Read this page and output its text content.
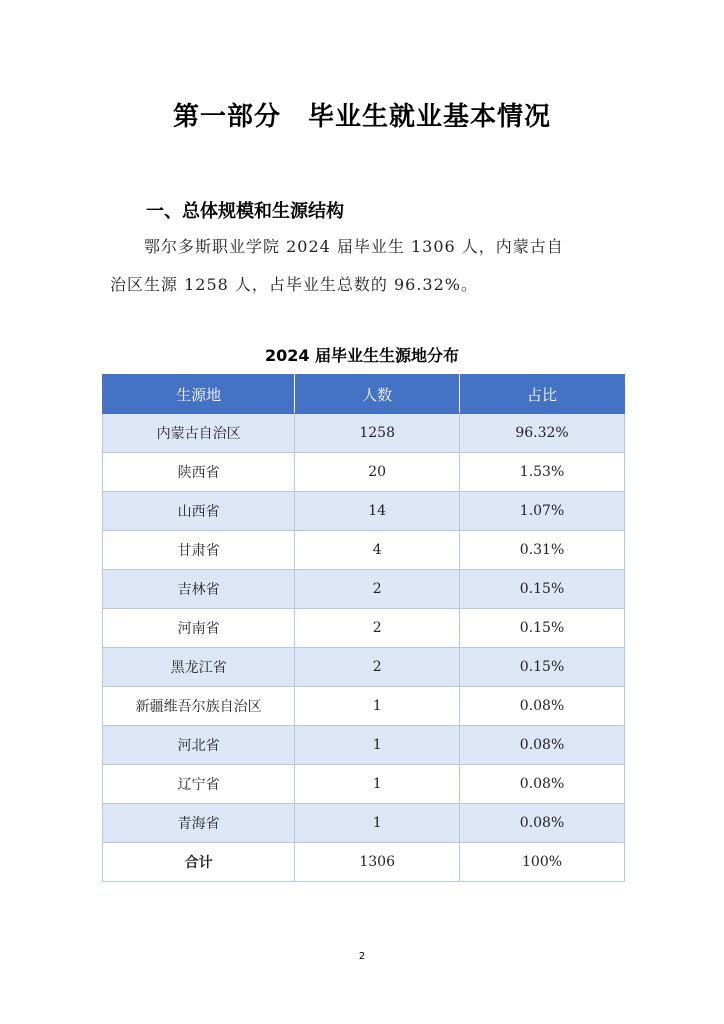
第一部分　毕业生就业基本情况
一、总体规模和生源结构
鄂尔多斯职业学院 2024 届毕业生 1306 人，内蒙古自
治区生源 1258 人，占毕业生总数的 96.32%。
2024 届毕业生生源地分布
生源地	人数	占比
内蒙古自治区	1258	96.32%
陕西省	20	1.53%
山西省	14	1.07%
甘肃省	4	0.31%
吉林省	2	0.15%
河南省	2	0.15%
黑龙江省	2	0.15%
新疆维吾尔族自治区	1	0.08%
河北省	1	0.08%
辽宁省	1	0.08%
青海省	1	0.08%
合计	1306	100%
2
